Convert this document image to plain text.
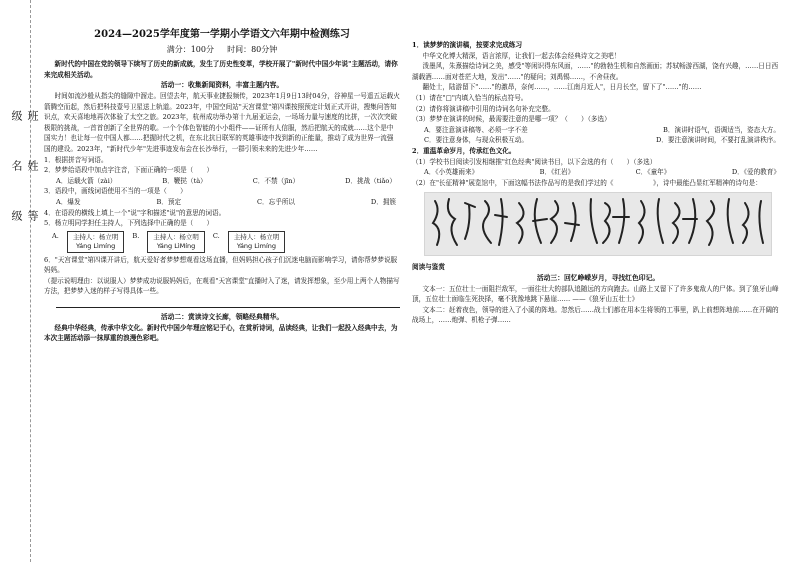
班
级
姓
名
等
级
2024—2025学年度第一学期小学语文六年期中检测练习
满分：100分   时间：80分钟

新时代的中国在党的领导下续写了历史的新成就，发生了历史性变革，学校开展了"新时代中国少年说"主题活动，请你来完成相关活动。

活动一：收集新闻资料，丰富主题内容。

时间如流沙般从指尖的缝隙中溜走。回望去年，航天事业捷报频传，2023年1月9日13时04分，谷神星一号遥五运载火箭腾空而起，然后把科技壹号卫星送上轨道。2023年，中国空间站"天宫课堂"第四课按照预定计划正式开讲，搜集问答知识点，欢天喜地地再次体验了太空之旅。2023年，杭州成功举办第十九届亚运会，一场场力量与速度的比拼，一次次突破极限的挑战，一首首创新了全世界的歌。一个个体色智能的小小组件——证所有人信服，然后把航天的成就……这个是中国实力！也让每一位中国人都……把握时代之机，在东北抗日联军的英雄事迹中找到新的正能量，推动了成为世界一流强国的建设。2023年，"新时代少年"先进事迹发布会在长沙举行，一群引领未来的先进少年……

1．根据拼音写词语。
2．梦梦给语段中加点字注音，下面正确的一项是（　　）
A．运载火箭（zài）	B．鞭挞（tà）	C．不禁（jīn）	D．挑战（tiǎo）
3．语段中，画线词语使用不当的一项是（　　）
A．爆发	B．预定	C．忘乎所以	D．拥簇
4．在语段的横线上填上一个"说"字和描述"说"的意思的词语。
5．杨立明同学担任主持人，下列选择中正确的是（　　）
A. 主持人：杨立明
Yáng Lìmíng
B. 主持人：杨立明
Yáng LìMíng
C. 主持人：杨立明
Yáng Lìmíng
6．"天宫课堂"第四课开讲后，航天爱好者梦梦想观看这场直播，但妈妈担心孩子们沉迷电脑而影响学习，请你帮梦梦说服妈妈。
（提示说明理由：以说服人）梦梦成功说服妈妈后，在观看"天宫课堂"直播时入了迷，请发挥想象，至少用上两个人物描写方法，把梦梦入迷的样子写得具体一些。
活动二：赏读诗文长廊，领略经典精华。

经典中华经典，传承中华文化。新时代中国少年理应铭记于心，在赏析诗词，品读经典，让我们一起投入经典中去，为本次主题活动添一抹厚重的浪漫色彩吧。

1．读梦梦的演讲稿，按要求完成练习

中华文化博大精深，语言浓厚，让我们一起去体会经典诗文之美吧！

泼墨风，朱熹描绘诗词之美，感受"等闲识得东风面，……"的勃勃生机和自然画面；苏轼畅游西湖，饶有兴趣，……日日西湖载酒……面对苍茫大地，发出"……"的疑问；刘禹锡……，不舍昼夜。

翻处士，陆游留下"……"的激昂，奈何……，……江南月近人"，日月长空，留下了"……"的……

（1）请在"□"内填入恰当的标点符号。
（2）请你将演讲稿中引用的诗词名句补充完整。
（3）梦梦在演讲的时候，最需要注意的是哪一项？（　　）（多选）
A．要注意演讲稿等、必须一字不差	B．演讲时语气，语调适当，姿态大方。
C．要注意身体，与现众积极互动。	D．要注意演讲时间，不要打乱演讲秩序。
2．重温革命岁月，传承红色文化。
（1）学校书目阅读引发相继推"红色经典"阅读书目，以下会选的有（　　）（多选）
A．《小英雄雨来》	B．《红岩》	C．《童年》	D．《爱的教育》
（2）在"长征精神"展览馆中，下面这幅书法作品写的是我们学过的《　　　　　　》，诗中最能凸显红军精神的诗句是：
阅读与鉴赏
活动三：回忆峥嵘岁月，寻找红色印记。

文本一：五位壮士一面阻拦敌军，一面往壮大的部队追随远的方向跑去。山路上又留下了许多鬼敌人的尸体。到了狼牙山峰顶，五位壮士面临生死抉择，毫不犹豫地跳下悬崖…… ——《狼牙山五壮士》

文本二：赶着夜色，领导的进入了小溪的阵地。忽然后……战士们都在用本生将领的工事里，趴上前想阵地前……在开阔的战场上，……炮弹、机枪子弹……
